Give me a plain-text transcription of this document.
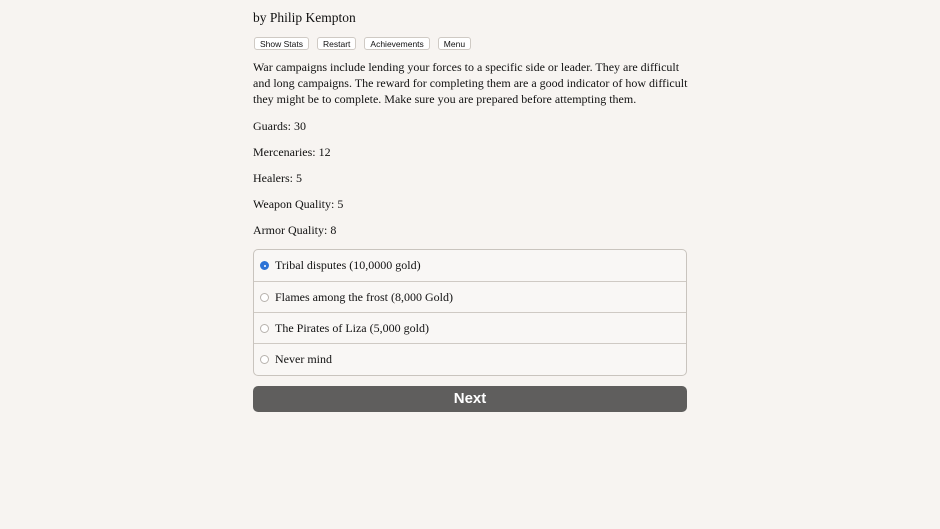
by Philip Kempton
Show Stats	Restart	Achievements	Menu

War campaigns include lending your forces to a specific side or leader. They are difficult and long campaigns. The reward for completing them are a good indicator of how difficult they might be to complete. Make sure you are prepared before attempting them.

Guards: 30

Mercenaries: 12

Healers: 5

Weapon Quality: 5

Armor Quality: 8

Tribal disputes (10,0000 gold)
Flames among the frost (8,000 Gold)
The Pirates of Liza (5,000 gold)
Never mind
Next
